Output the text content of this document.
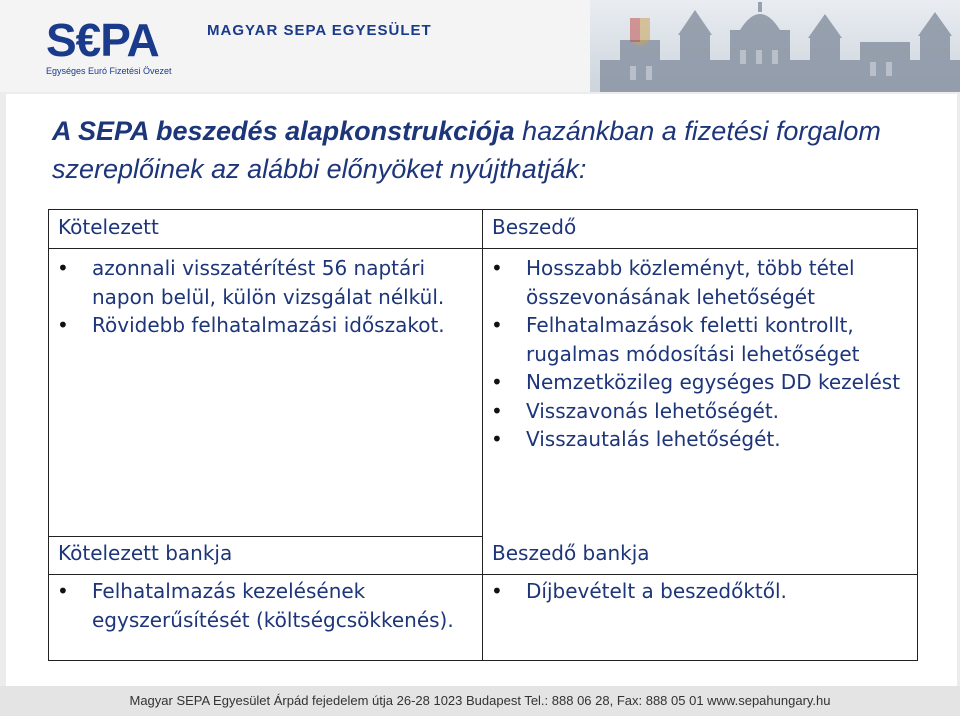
S€PA
Egységes Euró Fizetési Övezet
MAGYAR SEPA EGYESÜLET
A SEPA beszedés alapkonstrukciója hazánkban a fizetési forgalom szereplőinek az alábbi előnyöket nyújthatják:
Kötelezett
• azonnali visszatérítést 56 naptári napon belül, külön vizsgálat nélkül.
• Rövidebb felhatalmazási időszakot.
Beszedő
• Hosszabb közleményt, több tétel összevonásának lehetőségét
• Felhatalmazások feletti kontrollt, rugalmas módosítási lehetőséget
• Nemzetközileg egységes DD kezelést
• Visszavonás lehetőségét.
• Visszautalás lehetőségét.
Kötelezett bankja
• Felhatalmazás kezelésének egyszerűsítését (költségcsökkenés).
Beszedő bankja
• Díjbevételt a beszedőktől.
Magyar SEPA Egyesület Árpád fejedelem útja 26-28 1023 Budapest Tel.: 888 06 28, Fax: 888 05 01 www.sepahungary.hu
